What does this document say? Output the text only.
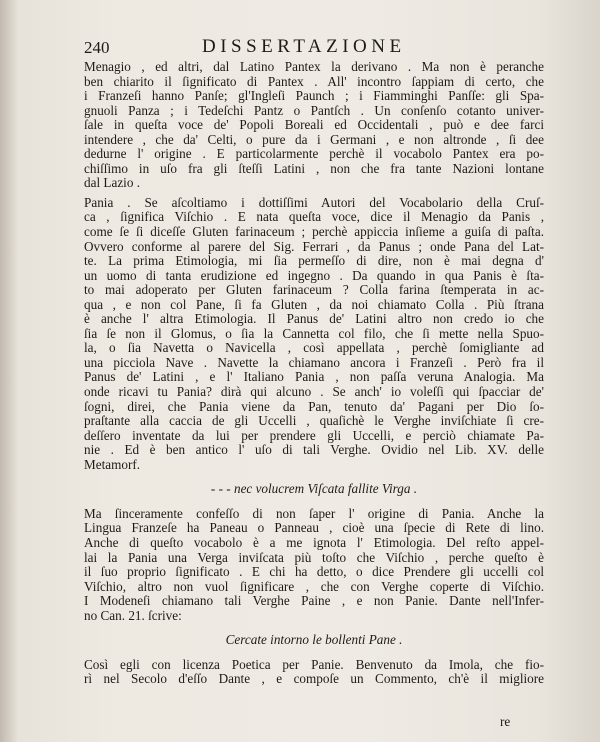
240	DISSERTAZIONE
Menagio , ed altri, dal Latino Pantex la derivano . Ma non è peranche
ben chiarito il ſignificato di Pantex . All' incontro ſappiam di certo, che
i Franzeſi hanno Panſe; gl'Ingleſi Paunch ; i Fiamminghi Panſſe: gli Spa-
gnuoli Panza ; i Tedeſchi Pantz o Pantſch . Un conſenſo cotanto univer-
ſale in queſta voce de' Popoli Boreali ed Occidentali , può e dee farci
intendere , che da' Celti, o pure da i Germani , e non altronde , ſi dee
dedurne l' origine . E particolarmente perchè il vocabolo Pantex era po-
chiſſimo in uſo fra gli ſteſſi Latini , non che fra tante Nazioni lontane
dal Lazio .
Pania . Se aſcoltiamo i dottiſſimi Autori del Vocabolario della Cruſ-
ca , ſignifica Viſchio . E nata queſta voce, dice il Menagio da Panis ,
come ſe ſi diceſſe Gluten farinaceum ; perchè appiccia inſieme a guiſa di paſta.
Ovvero conforme al parere del Sig. Ferrari , da Panus ; onde Pana del Lat-
te. La prima Etimologia, mi ſia permeſſo di dire, non è mai degna d'
un uomo di tanta erudizione ed ingegno . Da quando in qua Panis è ſta-
to mai adoperato per Gluten farinaceum ? Colla farina ſtemperata in ac-
qua , e non col Pane, ſi fa Gluten , da noi chiamato Colla . Più ſtrana
è anche l' altra Etimologia. Il Panus de' Latini altro non credo io che
ſia ſe non il Glomus, o ſia la Cannetta col filo, che ſi mette nella Spuo-
la, o ſia Navetta o Navicella , così appellata , perchè ſomigliante ad
una picciola Nave . Navette la chiamano ancora i Franzeſi . Però fra il
Panus de' Latini , e l' Italiano Pania , non paſſa veruna Analogia. Ma
onde ricavi tu Pania? dirà qui alcuno . Se anch' io voleſſi qui ſpacciar de'
ſogni, direi, che Pania viene da Pan, tenuto da' Pagani per Dio ſo-
praſtante alla caccia de gli Uccelli , quaſichè le Verghe inviſchiate ſi cre-
deſſero inventate da lui per prendere gli Uccelli, e perciò chiamate Pa-
nie . Ed è ben antico l' uſo di tali Verghe. Ovidio nel Lib. XV. delle
Metamorf.
- - - nec volucrem Viſcata fallite Virga .
Ma ſinceramente confeſſo di non ſaper l' origine di Pania. Anche la
Lingua Franzeſe ha Paneau o Panneau , cioè una ſpecie di Rete di lino.
Anche di queſto vocabolo è a me ignota l' Etimologia. Del reſto appel-
lai la Pania una Verga inviſcata più toſto che Viſchio , perche queſto è
il ſuo proprio ſignificato . E chi ha detto, o dice Prendere gli uccelli col
Viſchio, altro non vuol ſignificare , che con Verghe coperte di Viſchio.
I Modeneſi chiamano tali Verghe Paine , e non Panie. Dante nell'Infer-
no Can. 21. ſcrive:
Cercate intorno le bollenti Pane .
Così egli con licenza Poetica per Panie. Benvenuto da Imola, che fio-
rì nel Secolo d'eſſo Dante , e compoſe un Commento, ch'è il migliore
re
